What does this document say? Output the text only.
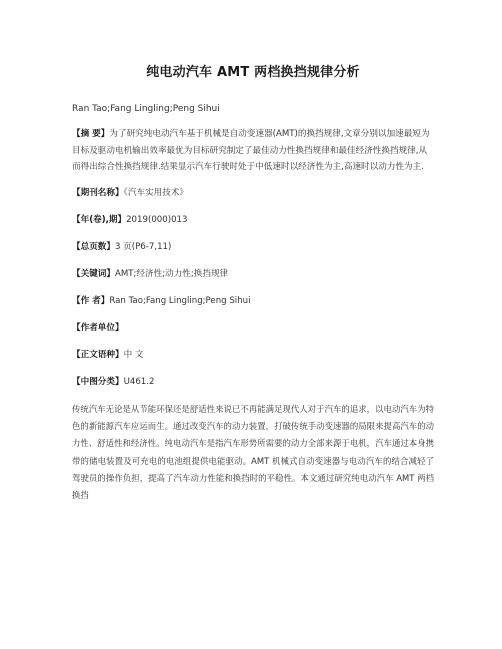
纯电动汽车 AMT 两档换挡规律分析
Ran Tao;Fang Lingling;Peng Sihui
【摘 要】为了研究纯电动汽车基于机械是自动变速器(AMT)的换挡规律,文章分别以加速最短为目标及驱动电机输出效率最优为目标研究制定了最佳动力性换挡规律和最佳经济性换挡规律,从而得出综合性换挡规律.结果显示汽车行驶时处于中低速时以经济性为主,高速时以动力性为主.
【期刊名称】《汽车实用技术》
【年(卷),期】2019(000)013
【总页数】3 页(P6-7,11)
【关键词】AMT;经济性;动力性;换挡规律
【作 者】Ran Tao;Fang Lingling;Peng Sihui
【作者单位】
【正文语种】中 文
【中图分类】U461.2

传统汽车无论是从节能环保还是舒适性来说已不再能满足现代人对于汽车的追求，以电动汽车为特色的新能源汽车应运而生。通过改变汽车的动力装置，打破传统手动变速器的局限来提高汽车的动力性、舒适性和经济性。纯电动汽车是指汽车形势所需要的动力全部来源于电机，汽车通过本身携带的储电装置及可充电的电池组提供电能驱动。AMT 机械式自动变速器与电动汽车的结合减轻了驾驶员的操作负担，提高了汽车动力性能和换挡时的平稳性。本文通过研究纯电动汽车 AMT 两档换挡
